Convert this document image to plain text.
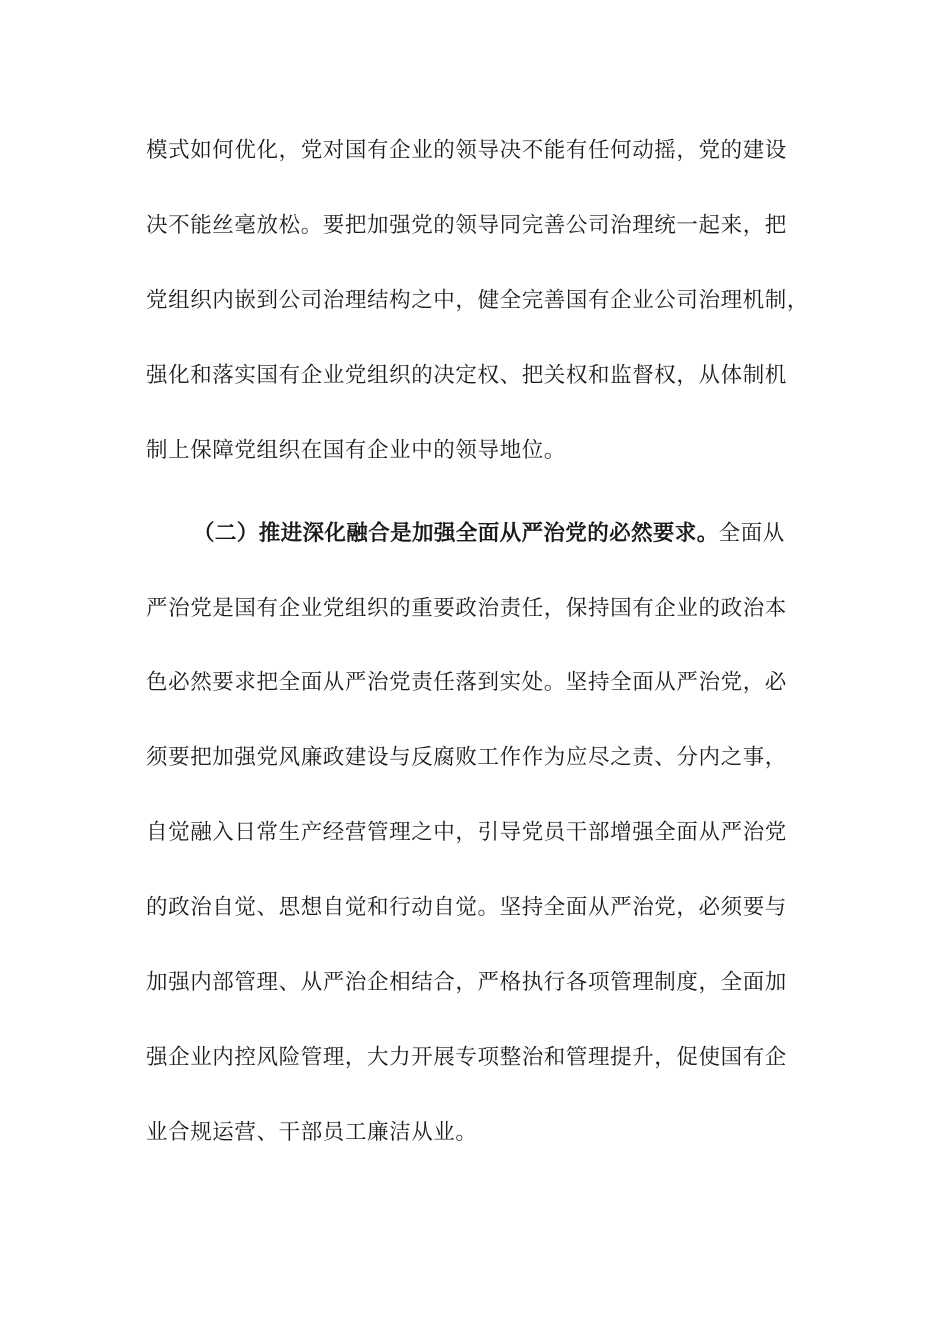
模式如何优化，党对国有企业的领导决不能有任何动摇，党的建设
决不能丝毫放松。要把加强党的领导同完善公司治理统一起来，把
党组织内嵌到公司治理结构之中，健全完善国有企业公司治理机制，
强化和落实国有企业党组织的决定权、把关权和监督权，从体制机
制上保障党组织在国有企业中的领导地位。
（二）推进深化融合是加强全面从严治党的必然要求。全面从
严治党是国有企业党组织的重要政治责任，保持国有企业的政治本
色必然要求把全面从严治党责任落到实处。坚持全面从严治党，必
须要把加强党风廉政建设与反腐败工作作为应尽之责、分内之事，
自觉融入日常生产经营管理之中，引导党员干部增强全面从严治党
的政治自觉、思想自觉和行动自觉。坚持全面从严治党，必须要与
加强内部管理、从严治企相结合，严格执行各项管理制度，全面加
强企业内控风险管理，大力开展专项整治和管理提升，促使国有企
业合规运营、干部员工廉洁从业。
